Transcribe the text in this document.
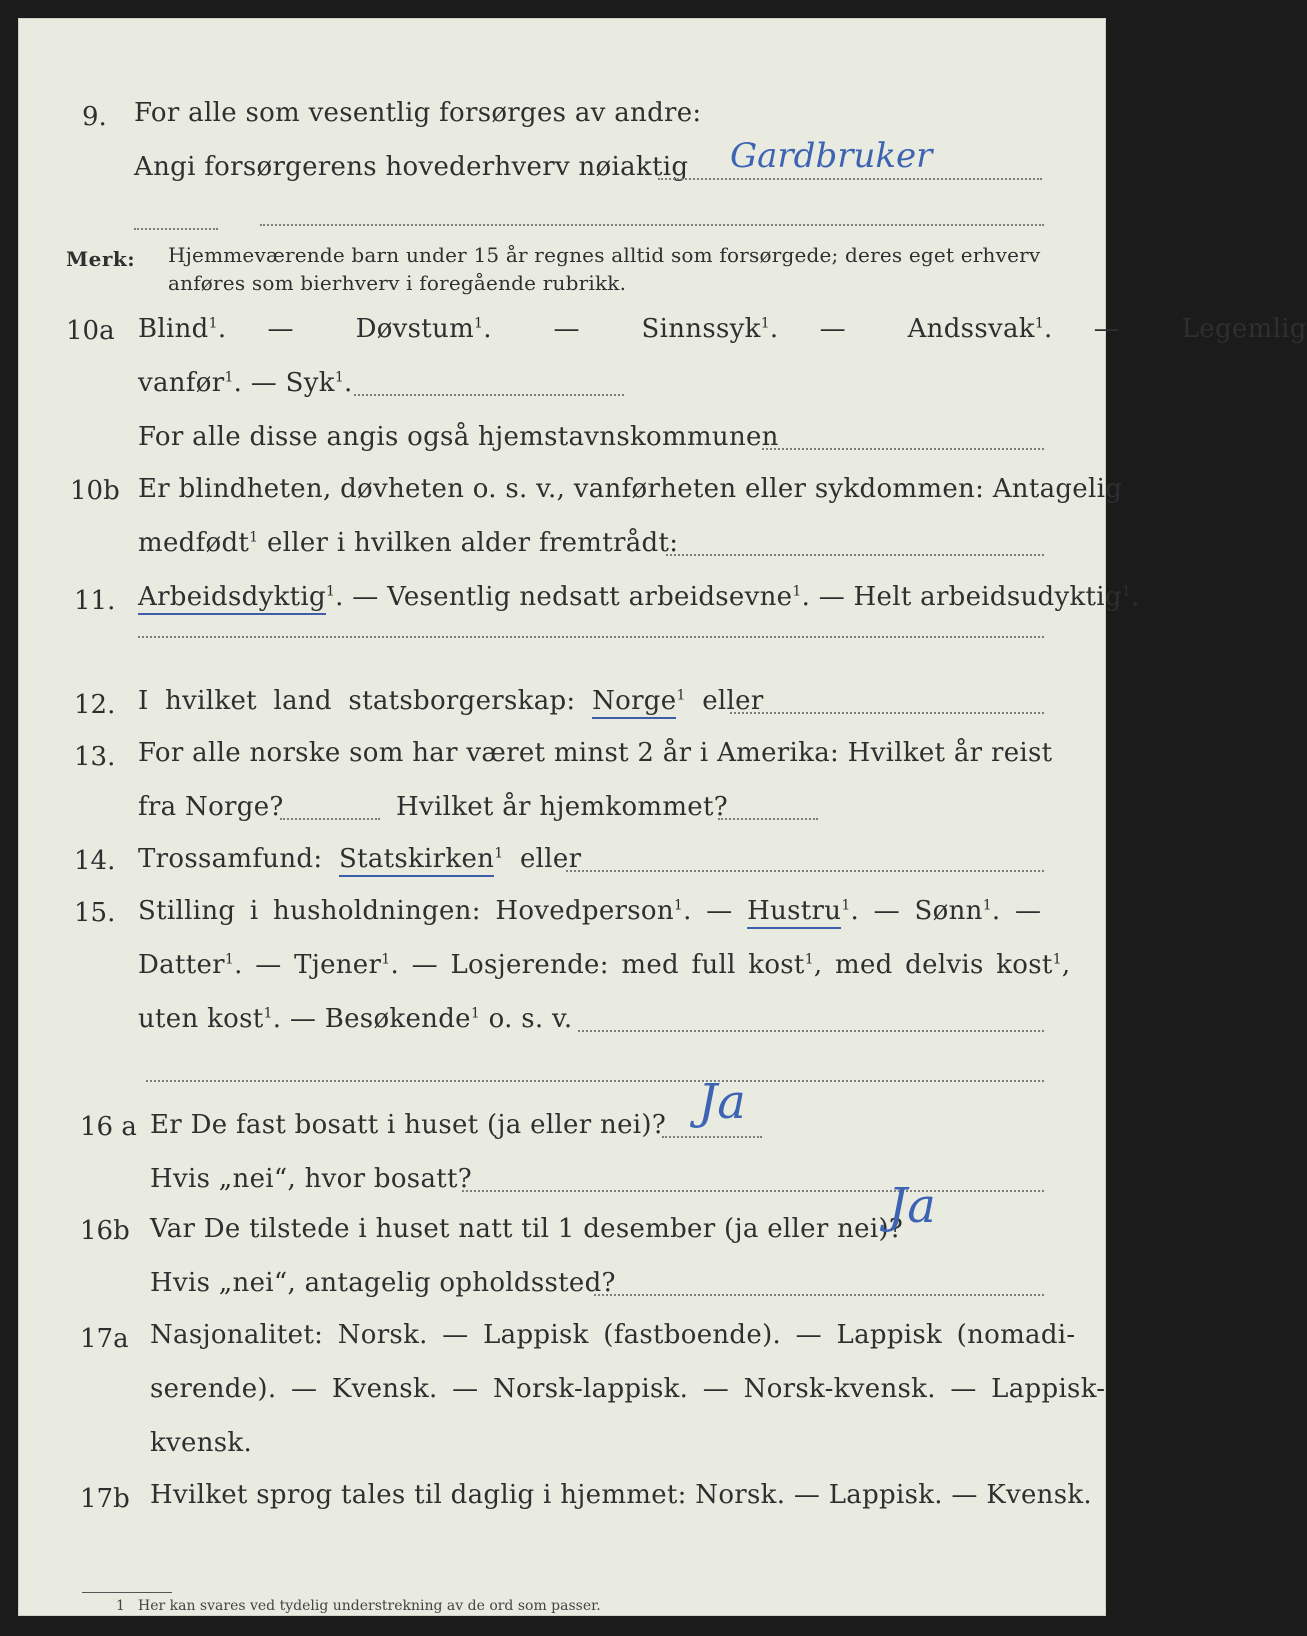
9. For alle som vesentlig forsørges av andre:
Angi forsørgerens hovederhverv nøiaktig Gardbruker
Merk: Hjemmeværende barn under 15 år regnes alltid som forsørgede; deres eget erhverv
anføres som bierhverv i foregående rubrikk.
10a Blind$^1$.  —   Døvstum$^1$.   —   Sinnssyk$^1$.  —   Andssvak$^1$.  —   Legemlig
vanfør$^1$. — Syk$^1$.
For alle disse angis også hjemstavnskommunen
10b Er blindheten, døvheten o. s. v., vanførheten eller sykdommen: Antagelig
medfødt$^1$ eller i hvilken alder fremtrådt:
11. Arbeidsdyktig$^1$. — Vesentlig nedsatt arbeidsevne$^1$. — Helt arbeidsudyktig$^1$.
12. I hvilket land statsborgerskap: Norge$^1$ eller
13. For alle norske som har været minst 2 år i Amerika: Hvilket år reist
fra Norge?	Hvilket år hjemkommet?
14. Trossamfund: Statskirken$^1$ eller
15. Stilling i husholdningen: Hovedperson$^1$. — Hustru$^1$. — Sønn$^1$. —
Datter$^1$. — Tjener$^1$. — Losjerende: med full kost$^1$, med delvis kost$^1$,
uten kost$^1$. — Besøkende$^1$ o. s. v.
16 a Er De fast bosatt i huset (ja eller nei)? Ja
Hvis „nei“, hvor bosatt?
16b Var De tilstede i huset natt til 1 desember (ja eller nei)?
Ja
Hvis „nei“, antagelig opholdssted?
17a Nasjonalitet: Norsk. — Lappisk (fastboende). — Lappisk (nomadi-
serende). — Kvensk. — Norsk-lappisk. — Norsk-kvensk. — Lappisk-
kvensk.
17b Hvilket sprog tales til daglig i hjemmet: Norsk. — Lappisk. — Kvensk.
1 Her kan svares ved tydelig understrekning av de ord som passer.
